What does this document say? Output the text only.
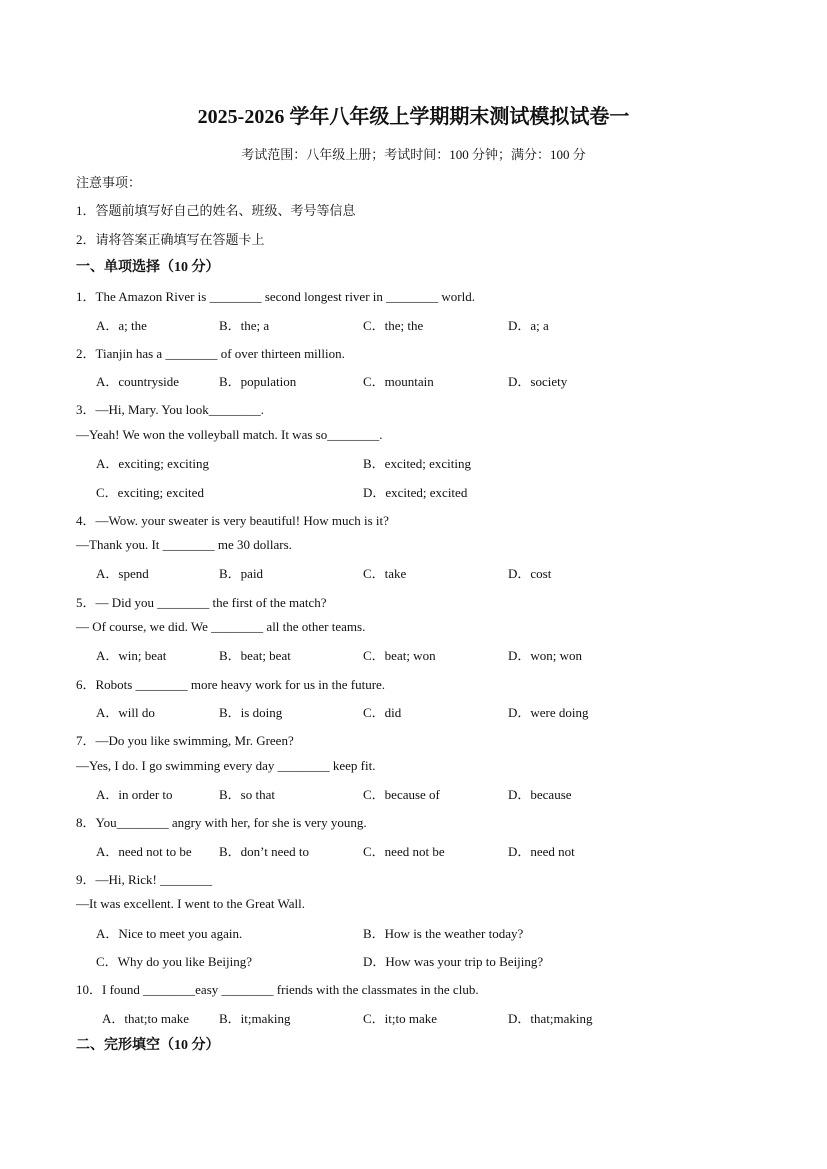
2025-2026 学年八年级上学期期末测试模拟试卷一
考试范围：八年级上册；考试时间：100 分钟；满分：100 分
注意事项：
1．答题前填写好自己的姓名、班级、考号等信息
2．请将答案正确填写在答题卡上
一、单项选择（10 分）
1．The Amazon River is ________ second longest river in ________ world.
A．a; the	B．the; a	C．the; the	D．a; a
2．Tianjin has a ________ of over thirteen million.
A．countryside	B．population	C．mountain	D．society
3．—Hi, Mary. You look________.
—Yeah! We won the volleyball match. It was so________.
A．exciting; exciting	B．excited; exciting
C．exciting; excited	D．excited; excited
4．—Wow. your sweater is very beautiful! How much is it?
—Thank you. It ________ me 30 dollars.
A．spend	B．paid	C．take	D．cost
5．— Did you ________ the first of the match?
— Of course, we did. We ________ all the other teams.
A．win; beat	B．beat; beat	C．beat; won	D．won; won
6．Robots ________ more heavy work for us in the future.
A．will do	B．is doing	C．did	D．were doing
7．—Do you like swimming, Mr. Green?
—Yes, I do. I go swimming every day ________ keep fit.
A．in order to	B．so that	C．because of	D．because
8．You________ angry with her, for she is very young.
A．need not to be B．don’t need to	C．need not be	D．need not
9．—Hi, Rick! ________
—It was excellent. I went to the Great Wall.
A．Nice to meet you again.	B．How is the weather today?
C．Why do you like Beijing?	D．How was your trip to Beijing?
10．I found ________easy ________ friends with the classmates in the club.
A．that;to make B．it;making	C．it;to make	D．that;making
二、完形填空（10 分）
